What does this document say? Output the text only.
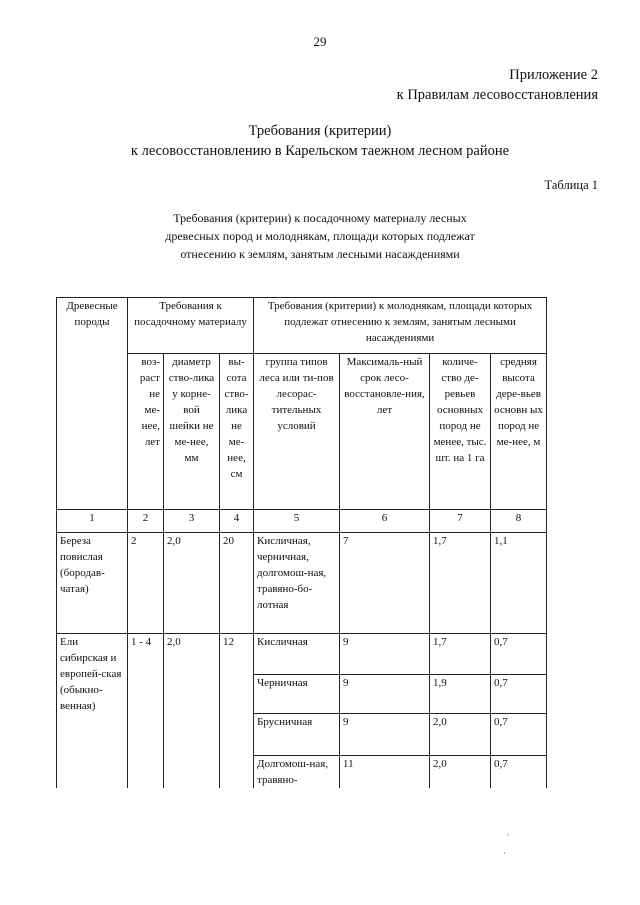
29
Приложение 2
к Правилам лесовосстановления
Требования (критерии)
к лесовосстановлению в Карельском таежном лесном районе
Таблица 1
Требования (критерии) к посадочному материалу лесных
древесных пород и молоднякам, площади которых подлежат
отнесению к землям, занятым лесными насаждениями
Древесные породы	Требования к посадочному материалу			Требования (критерии) к молоднякам, площади которых подлежат отнесению к землям, занятым лесными насаждениями			
	воз-раст не ме-нее, лет	диаметр ство-лика у корне-вой шейки не ме-нее, мм	вы-сота ство-лика не ме-нее, см	группа типов леса или ти-пов лесорас-тительных условий	Максималь-ный срок лесо-восстановле-ния, лет	количе-ство де-ревьев основных пород не менее, тыс. шт. на 1 га	средняя высота дере-вьев основн ых пород не ме-нее, м
1	2	3	4	5	6	7	8
Береза повислая (бородав-чатая)	2	2,0	20	Кисличная, черничная, долгомош-ная, травяно-бо-лотная	7	1,7	1,1
Ели сибирская и европей-ская (обыкно-венная)	1 - 4	2,0	12	Кисличная	9	1,7	0,7
				Черничная	9	1,9	0,7
				Брусничная	9	2,0	0,7
				Долгомош-ная, травяно-	11	2,0	0,7
ʹ
·
